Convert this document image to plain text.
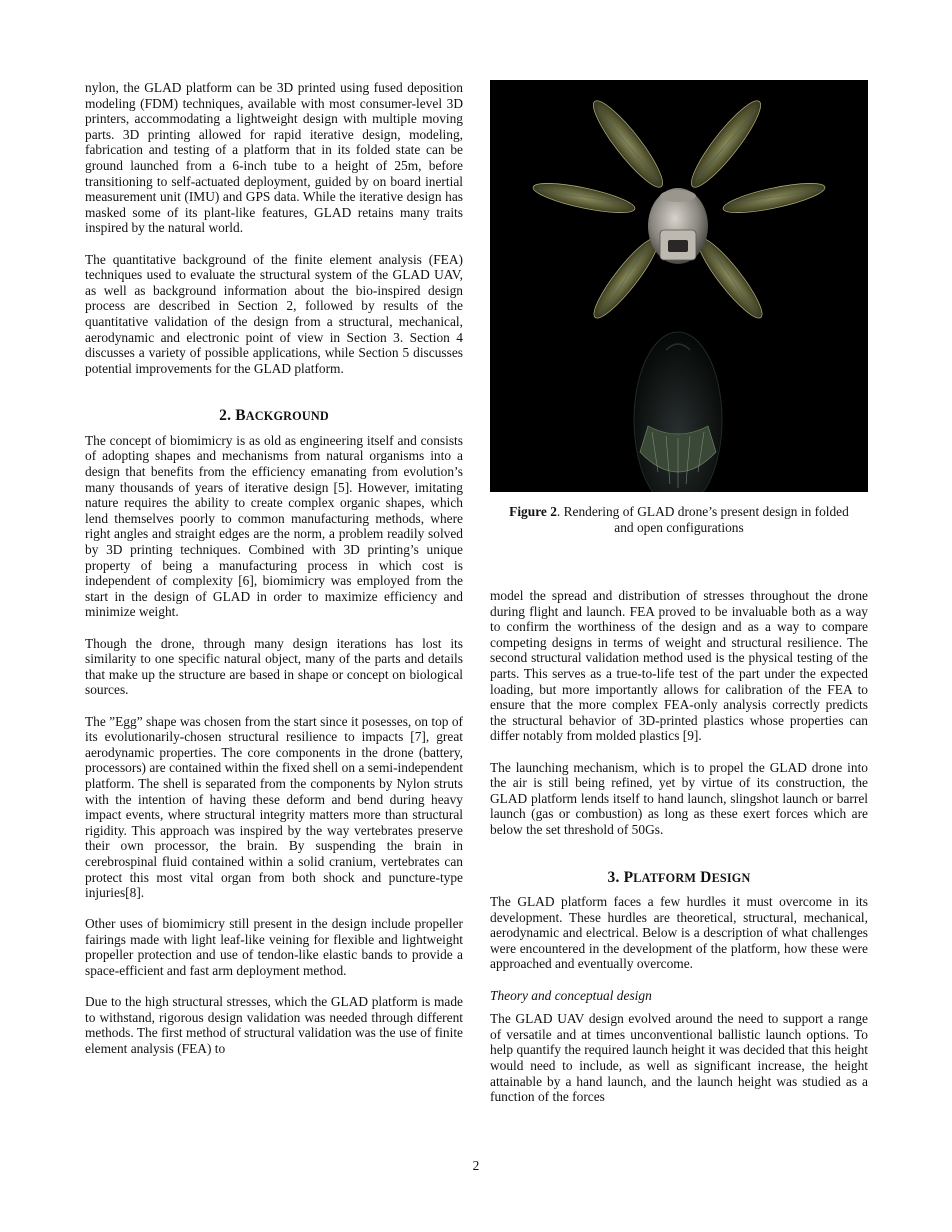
nylon, the GLAD platform can be 3D printed using fused deposition modeling (FDM) techniques, available with most consumer-level 3D printers, accommodating a lightweight design with multiple moving parts. 3D printing allowed for rapid iterative design, modeling, fabrication and testing of a platform that in its folded state can be ground launched from a 6-inch tube to a height of 25m, before transitioning to self-actuated deployment, guided by on board inertial measurement unit (IMU) and GPS data. While the iterative design has masked some of its plant-like features, GLAD retains many traits inspired by the natural world.

The quantitative background of the finite element analysis (FEA) techniques used to evaluate the structural system of the GLAD UAV, as well as background information about the bio-inspired design process are described in Section 2, followed by results of the quantitative validation of the design from a structural, mechanical, aerodynamic and electronic point of view in Section 3. Section 4 discusses a variety of possible applications, while Section 5 discusses potential improvements for the GLAD platform.

2. BACKGROUND

The concept of biomimicry is as old as engineering itself and consists of adopting shapes and mechanisms from natural organisms into a design that benefits from the efficiency emanating from evolution’s many thousands of years of iterative design [5]. However, imitating nature requires the ability to create complex organic shapes, which lend themselves poorly to common manufacturing methods, where right angles and straight edges are the norm, a problem readily solved by 3D printing techniques. Combined with 3D printing’s unique property of being a manufacturing process in which cost is independent of complexity [6], biomimicry was employed from the start in the design of GLAD in order to maximize efficiency and minimize weight.

Though the drone, through many design iterations has lost its similarity to one specific natural object, many of the parts and details that make up the structure are based in shape or concept on biological sources.

The ”Egg” shape was chosen from the start since it posesses, on top of its evolutionarily-chosen structural resilience to impacts [7], great aerodynamic properties. The core components in the drone (battery, processors) are contained within the fixed shell on a semi-independent platform. The shell is separated from the components by Nylon struts with the intention of having these deform and bend during heavy impact events, where structural integrity matters more than structural rigidity. This approach was inspired by the way vertebrates preserve their own processor, the brain. By suspending the brain in cerebrospinal fluid contained within a solid cranium, vertebrates can protect this most vital organ from both shock and puncture-type injuries[8].

Other uses of biomimicry still present in the design include propeller fairings made with light leaf-like veining for flexible and lightweight propeller protection and use of tendon-like elastic bands to provide a space-efficient and fast arm deployment method.

Due to the high structural stresses, which the GLAD platform is made to withstand, rigorous design validation was needed through different methods. The first method of structural validation was the use of finite element analysis (FEA) to

Figure 2. Rendering of GLAD drone’s present design in folded and open configurations

model the spread and distribution of stresses throughout the drone during flight and launch. FEA proved to be invaluable both as a way to confirm the worthiness of the design and as a way to compare competing designs in terms of weight and structural resilience. The second structural validation method used is the physical testing of the parts. This serves as a true-to-life test of the part under the expected loading, but more importantly allows for calibration of the FEA to ensure that the more complex FEA-only analysis correctly predicts the structural behavior of 3D-printed plastics whose properties can differ notably from molded plastics [9].

The launching mechanism, which is to propel the GLAD drone into the air is still being refined, yet by virtue of its construction, the GLAD platform lends itself to hand launch, slingshot launch or barrel launch (gas or combustion) as long as these exert forces which are below the set threshold of 50Gs.

3. PLATFORM DESIGN

The GLAD platform faces a few hurdles it must overcome in its development. These hurdles are theoretical, structural, mechanical, aerodynamic and electrical. Below is a description of what challenges were encountered in the development of the platform, how these were approached and eventually overcome.

Theory and conceptual design

The GLAD UAV design evolved around the need to support a range of versatile and at times unconventional ballistic launch options. To help quantify the required launch height it was decided that this height would need to include, as well as significant increase, the height attainable by a hand launch, and the launch height was studied as a function of the forces

2
